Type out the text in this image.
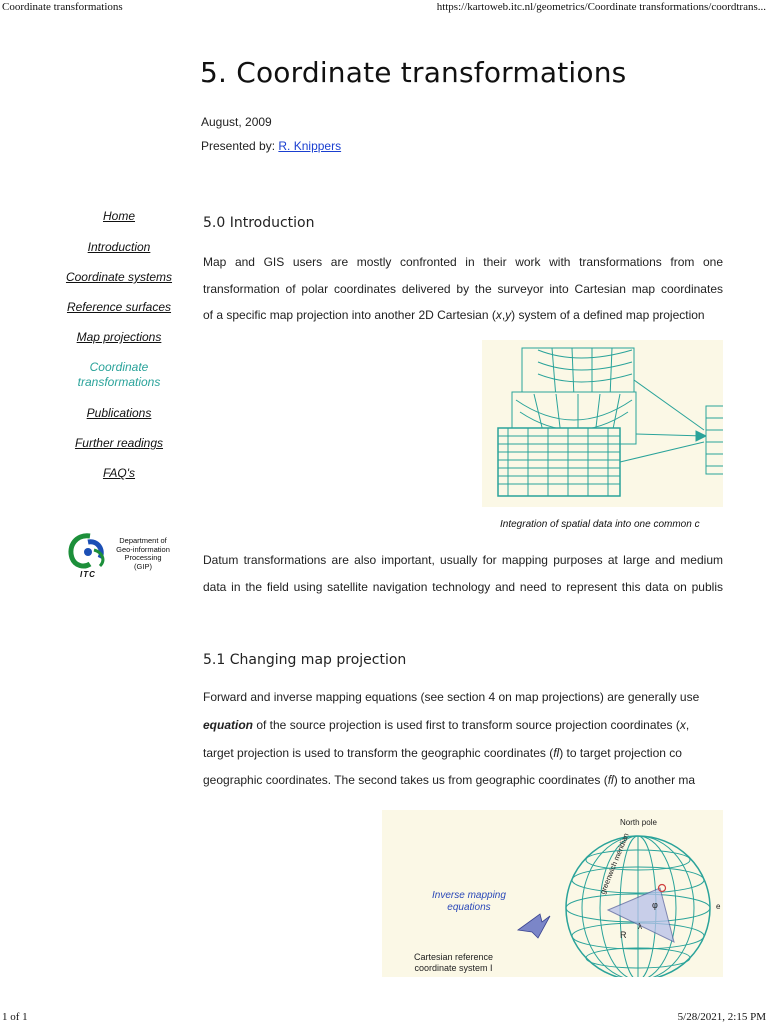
Coordinate transformations	https://kartoweb.itc.nl/geometrics/Coordinate transformations/coordtrans...
5. Coordinate transformations
August, 2009
Presented by: R. Knippers
Home
Introduction
Coordinate systems
Reference surfaces
Map projections
Coordinate transformations
Publications
Further readings
FAQ's
Department of
Geo-information
Processing
(GIP)
ITC
5.0 Introduction
Map and GIS users are mostly confronted in their work with transformations from one
transformation of polar coordinates delivered by the surveyor into Cartesian map coordinates
of a specific map projection into another 2D Cartesian (x,y) system of a defined map projection
Integration of spatial data into one common c
Datum transformations are also important, usually for mapping purposes at large and medium
data in the field using satellite navigation technology and need to represent this data on publis
5.1 Changing map projection
Forward and inverse mapping equations (see section 4 on map projections) are generally use
equation of the source projection is used first to transform source projection coordinates (x,
target projection is used to transform the geographic coordinates (fl) to target projection co
geographic coordinates. The second takes us from geographic coordinates (fl) to another ma
North pole
greenwich meridian
Inverse mapping
equations
Cartesian reference
coordinate system I
φ
λ
R
e
1 of 1	5/28/2021, 2:15 PM
